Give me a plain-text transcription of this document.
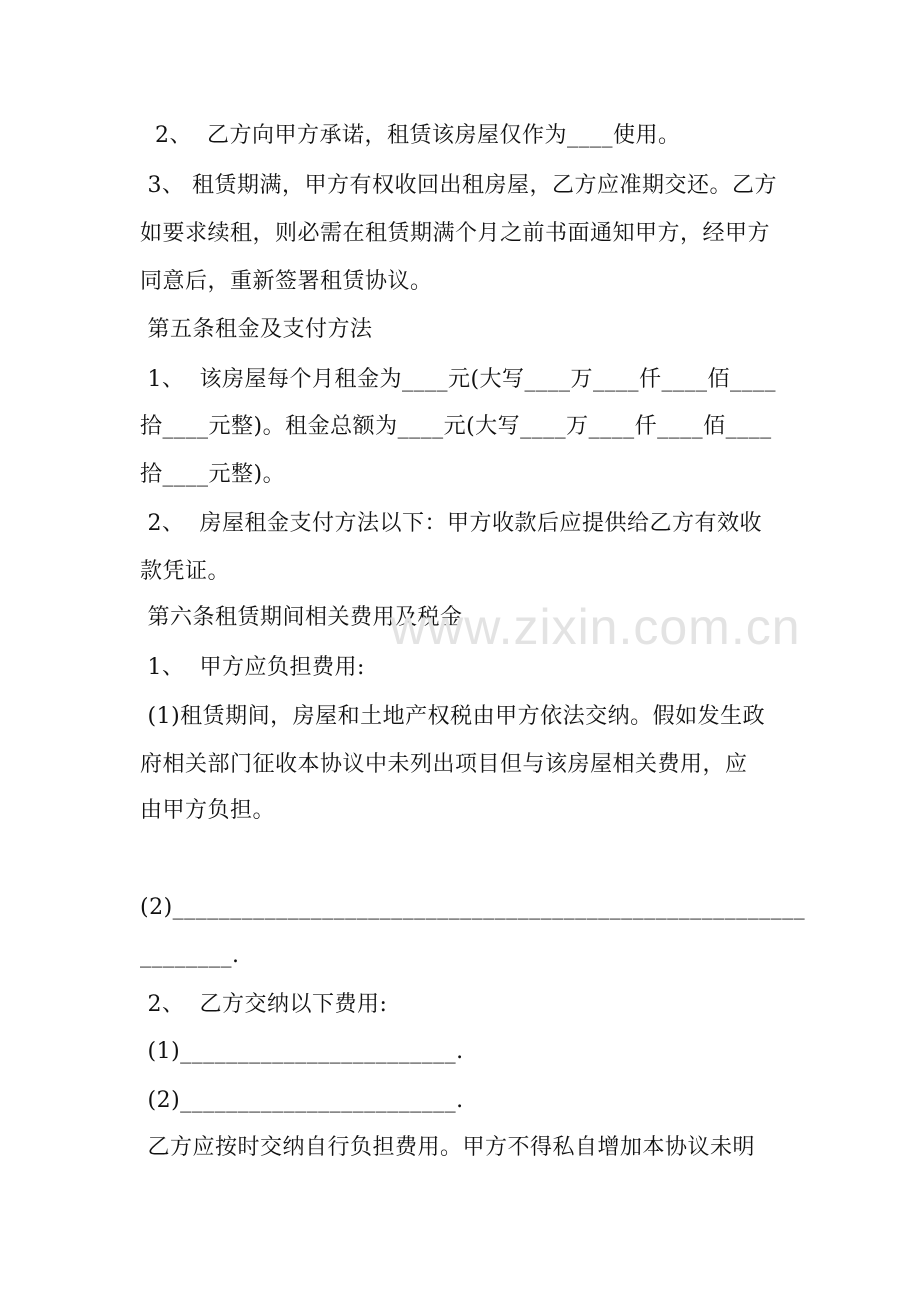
2、  乙方向甲方承诺，租赁该房屋仅作为____使用。
3、 租赁期满，甲方有权收回出租房屋，乙方应准期交还。乙方
如要求续租，则必需在租赁期满个月之前书面通知甲方，经甲方
同意后，重新签署租赁协议。
第五条租金及支付方法
1、  该房屋每个月租金为____元(大写____万____仟____佰____
拾____元整)。租金总额为____元(大写____万____仟____佰____
拾____元整)。
2、  房屋租金支付方法以下：甲方收款后应提供给乙方有效收
款凭证。
第六条租赁期间相关费用及税金
1、  甲方应负担费用:
(1)租赁期间，房屋和土地产权税由甲方依法交纳。假如发生政
府相关部门征收本协议中未列出项目但与该房屋相关费用，应
由甲方负担。
(2)_______________________________________________________
________.
2、  乙方交纳以下费用:
(1)________________________.
(2)________________________.
乙方应按时交纳自行负担费用。甲方不得私自增加本协议未明
www.zixin.com.cn
